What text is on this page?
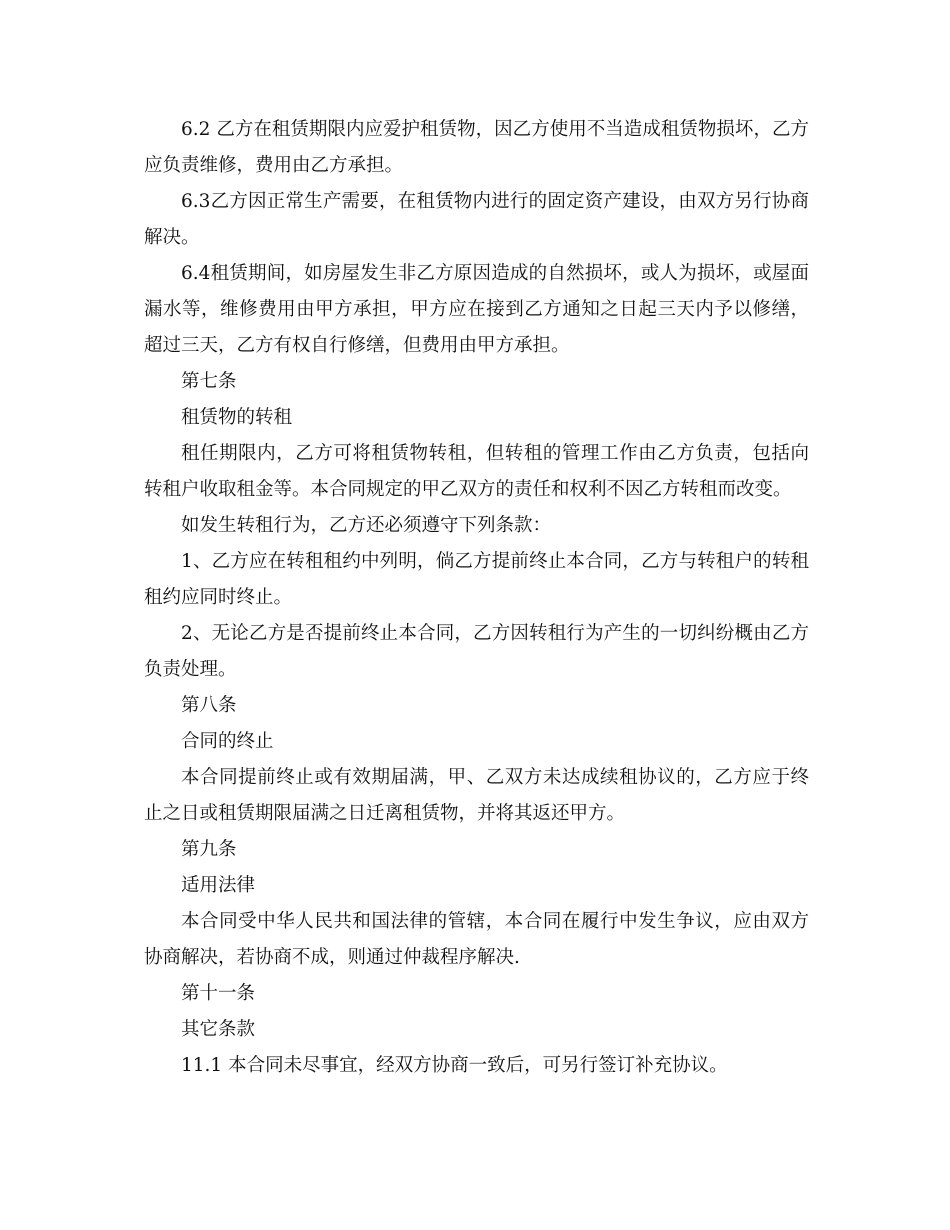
6.2 乙方在租赁期限内应爱护租赁物，因乙方使用不当造成租赁物损坏，乙方应负责维修，费用由乙方承担。

6.3乙方因正常生产需要，在租赁物内进行的固定资产建设，由双方另行协商解决。

6.4租赁期间，如房屋发生非乙方原因造成的自然损坏，或人为损坏，或屋面漏水等，维修费用由甲方承担，甲方应在接到乙方通知之日起三天内予以修缮，超过三天，乙方有权自行修缮，但费用由甲方承担。

第七条

租赁物的转租

租任期限内，乙方可将租赁物转租，但转租的管理工作由乙方负责，包括向转租户收取租金等。本合同规定的甲乙双方的责任和权利不因乙方转租而改变。

如发生转租行为，乙方还必须遵守下列条款：

1、乙方应在转租租约中列明，倘乙方提前终止本合同，乙方与转租户的转租租约应同时终止。

2、无论乙方是否提前终止本合同，乙方因转租行为产生的一切纠纷概由乙方负责处理。

第八条

合同的终止

本合同提前终止或有效期届满，甲、乙双方未达成续租协议的，乙方应于终止之日或租赁期限届满之日迁离租赁物，并将其返还甲方。

第九条

适用法律

本合同受中华人民共和国法律的管辖，本合同在履行中发生争议，应由双方协商解决，若协商不成，则通过仲裁程序解决.

第十一条

其它条款

11.1 本合同未尽事宜，经双方协商一致后，可另行签订补充协议。
